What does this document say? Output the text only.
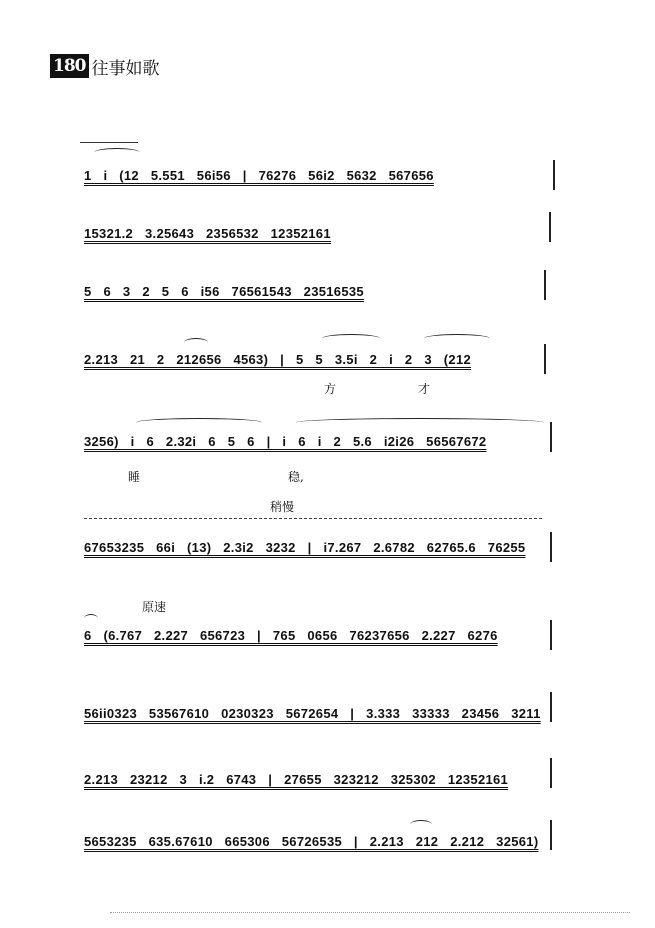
180 往事如歌
1 i (12 5.551 56i56 | 76276 56i2 5632 567656
15321.2 3.25643 2356532 12352161
5 6 3 2 5 6 i56 76561543 23516535
2.213 21 2 212656 4563) | 5 5 3.5i 2 i 2 3 (212
方	才
3256) i 6 2.32i 6 5 6 | i 6 i 2 5.6 i2i26 56567672
睡	稳,
稍慢
67653235 66i (13) 2.3i2 3232 | i7.267 2.6782 62765.6 76255
原速
6 (6.767 2.227 656723 | 765 0656 76237656 2.227 6276
56ii0323 53567610 0230323 5672654 | 3.333 33333 23456 3211
2.213 23212 3 i.2 6743 | 27655 323212 325302 12352161
5653235 635.67610 665306 56726535 | 2.213 212 2.212 32561)
